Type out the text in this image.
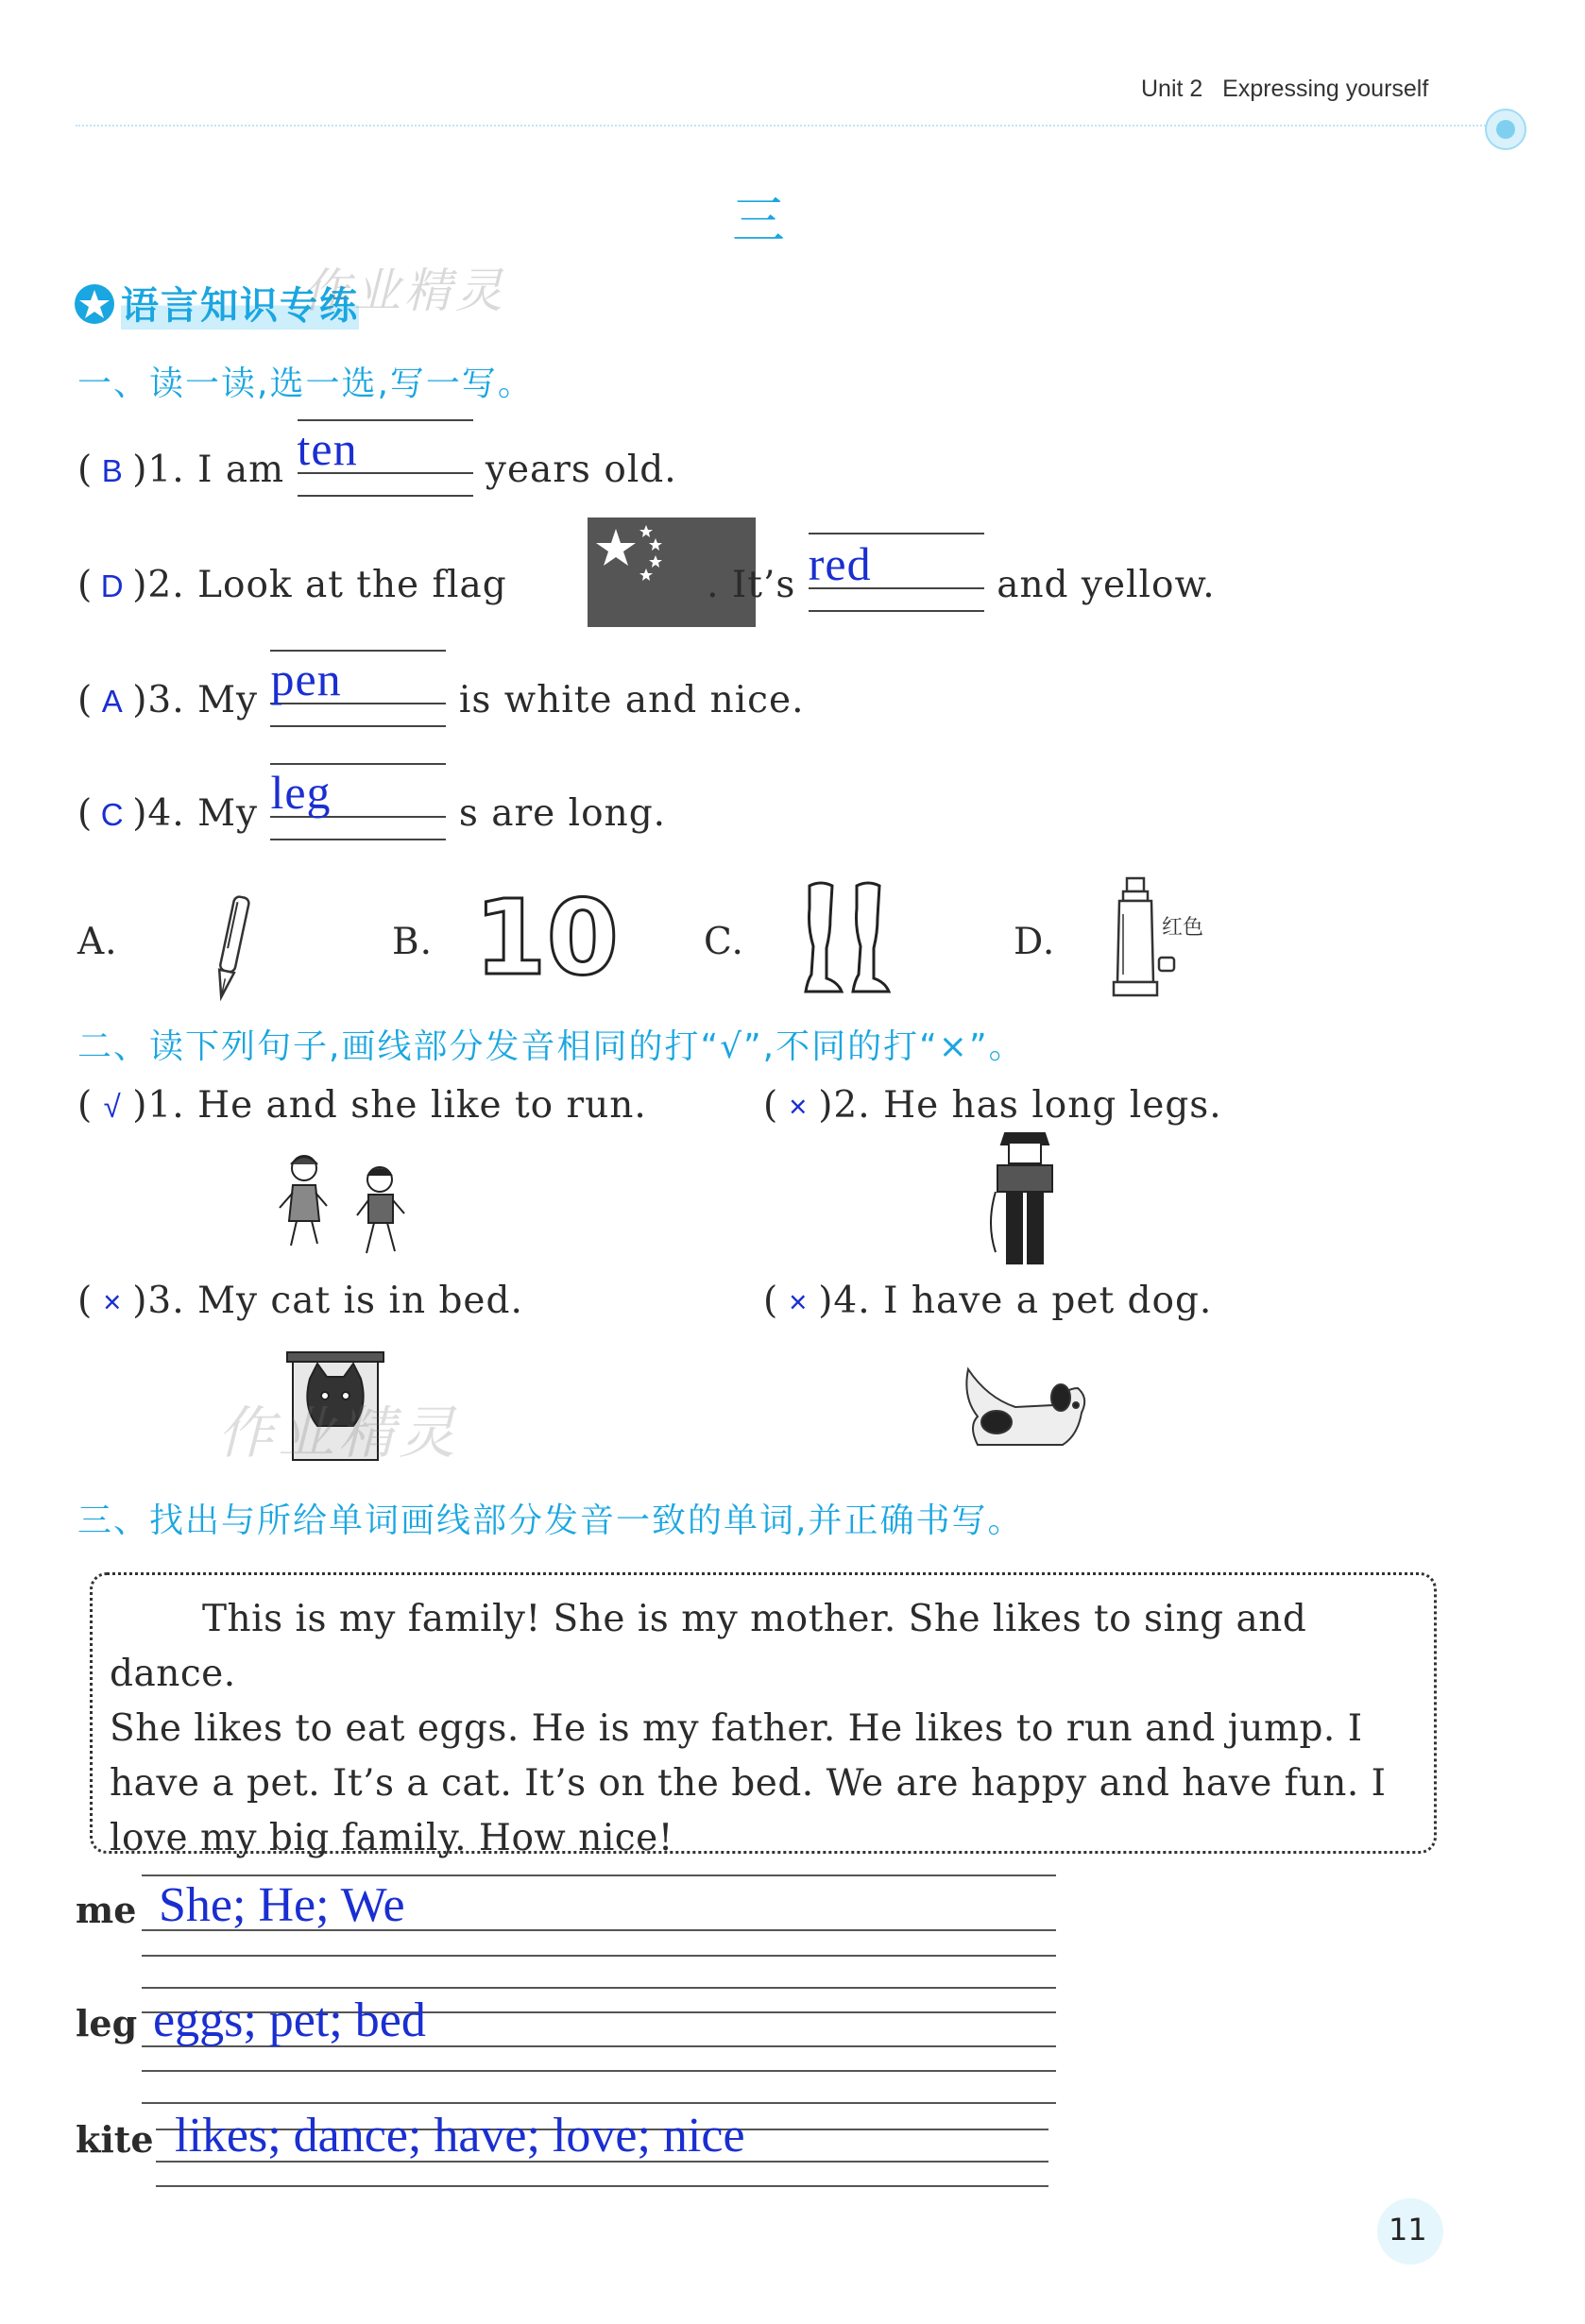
Unit 2 Expressing yourself
三
语言知识专练
作业精灵
一、读一读,选一选,写一写。
( B )1. I am ten	years old.
( D )2. Look at the flag	. It’s red	and yellow.
( A )3. My pen	is white and nice.
( C )4. My leg	s are long.
A.	B. 10 C.	D.	红色
二、读下列句子,画线部分发音相同的打“√”,不同的打“×”。
( √ )1. He and she like to run.	( × )2. He has long legs.
( × )3. My cat is in bed.	( × )4. I have a pet dog.
作业精灵
三、找出与所给单词画线部分发音一致的单词,并正确书写。
This is my family! She is my mother. She likes to sing and dance.
She likes to eat eggs. He is my father. He likes to run and jump. I
have a pet. It’s a cat. It’s on the bed. We are happy and have fun. I
love my big family. How nice!
me She; He; We
leg eggs; pet; bed
kite likes; dance; have; love; nice
11
